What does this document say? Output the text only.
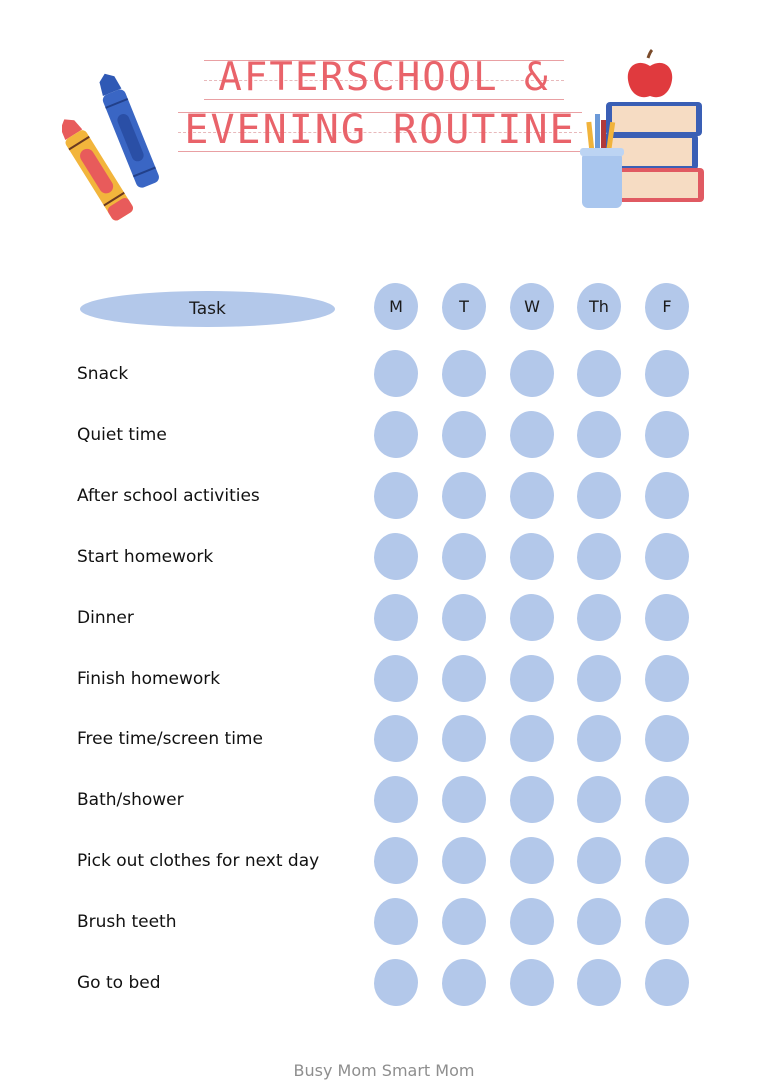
AFTERSCHOOL &
EVENING ROUTINE
Task	M	T	W	Th	F
Snack
Quiet time
After school activities
Start homework
Dinner
Finish homework
Free time/screen time
Bath/shower
Pick out clothes for next day
Brush teeth
Go to bed
Busy Mom Smart Mom
